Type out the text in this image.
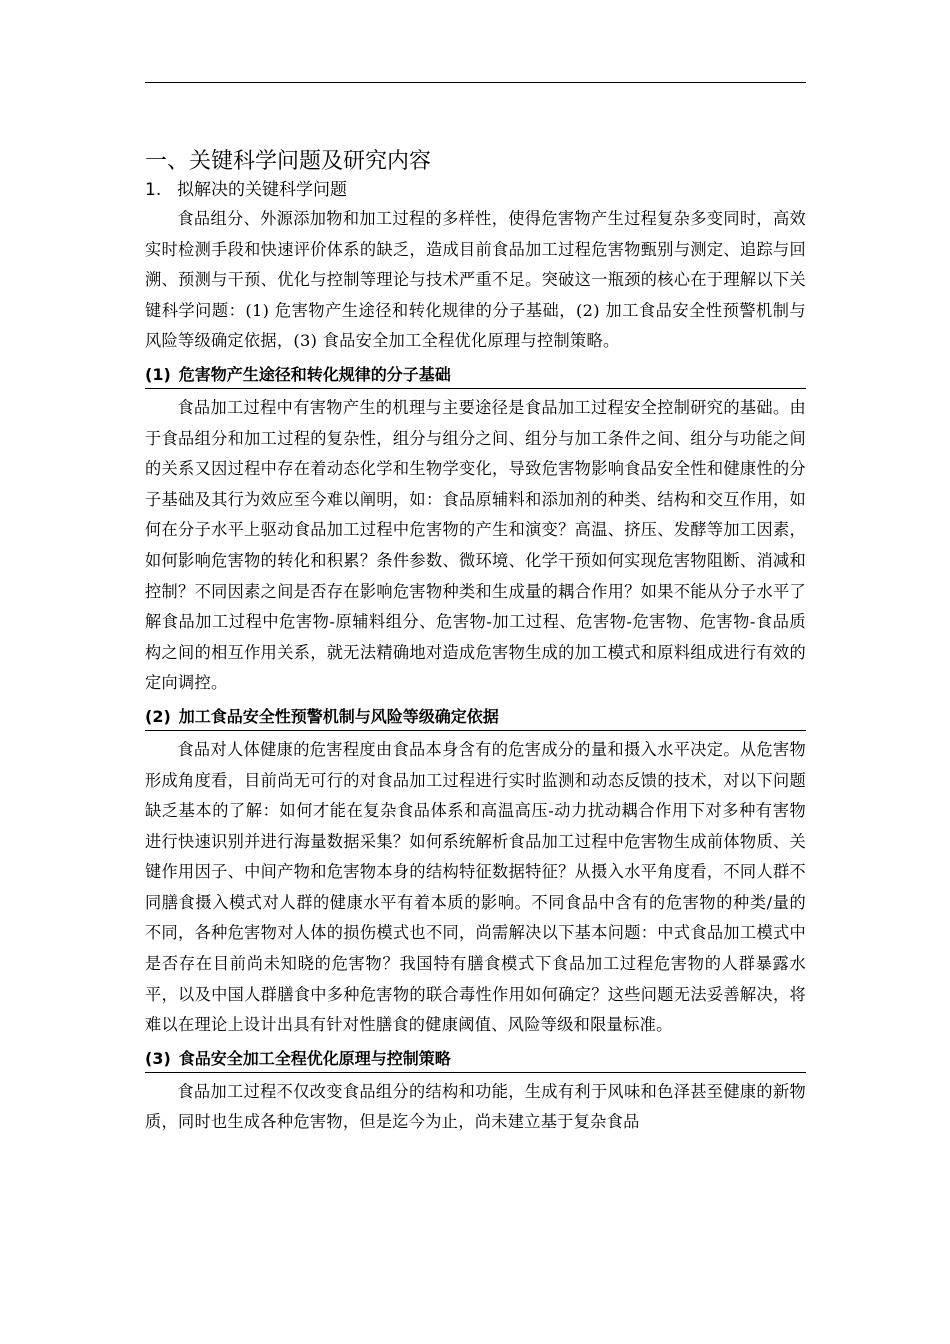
一、关键科学问题及研究内容
1. 拟解决的关键科学问题

食品组分、外源添加物和加工过程的多样性，使得危害物产生过程复杂多变同时，高效实时检测手段和快速评价体系的缺乏，造成目前食品加工过程危害物甄别与测定、追踪与回溯、预测与干预、优化与控制等理论与技术严重不足。突破这一瓶颈的核心在于理解以下关键科学问题：(1) 危害物产生途径和转化规律的分子基础，(2) 加工食品安全性预警机制与风险等级确定依据，(3) 食品安全加工全程优化原理与控制策略。

(1) 危害物产生途径和转化规律的分子基础

食品加工过程中有害物产生的机理与主要途径是食品加工过程安全控制研究的基础。由于食品组分和加工过程的复杂性，组分与组分之间、组分与加工条件之间、组分与功能之间的关系又因过程中存在着动态化学和生物学变化，导致危害物影响食品安全性和健康性的分子基础及其行为效应至今难以阐明，如：食品原辅料和添加剂的种类、结构和交互作用，如何在分子水平上驱动食品加工过程中危害物的产生和演变？高温、挤压、发酵等加工因素，如何影响危害物的转化和积累？条件参数、微环境、化学干预如何实现危害物阻断、消减和控制？不同因素之间是否存在影响危害物种类和生成量的耦合作用？如果不能从分子水平了解食品加工过程中危害物-原辅料组分、危害物-加工过程、危害物-危害物、危害物-食品质构之间的相互作用关系，就无法精确地对造成危害物生成的加工模式和原料组成进行有效的定向调控。

(2) 加工食品安全性预警机制与风险等级确定依据

食品对人体健康的危害程度由食品本身含有的危害成分的量和摄入水平决定。从危害物形成角度看，目前尚无可行的对食品加工过程进行实时监测和动态反馈的技术，对以下问题缺乏基本的了解：如何才能在复杂食品体系和高温高压-动力扰动耦合作用下对多种有害物进行快速识别并进行海量数据采集？如何系统解析食品加工过程中危害物生成前体物质、关键作用因子、中间产物和危害物本身的结构特征数据特征？从摄入水平角度看，不同人群不同膳食摄入模式对人群的健康水平有着本质的影响。不同食品中含有的危害物的种类/量的不同，各种危害物对人体的损伤模式也不同，尚需解决以下基本问题：中式食品加工模式中是否存在目前尚未知晓的危害物？我国特有膳食模式下食品加工过程危害物的人群暴露水平，以及中国人群膳食中多种危害物的联合毒性作用如何确定？这些问题无法妥善解决，将难以在理论上设计出具有针对性膳食的健康阈值、风险等级和限量标准。

(3) 食品安全加工全程优化原理与控制策略

食品加工过程不仅改变食品组分的结构和功能，生成有利于风味和色泽甚至健康的新物质，同时也生成各种危害物，但是迄今为止，尚未建立基于复杂食品
